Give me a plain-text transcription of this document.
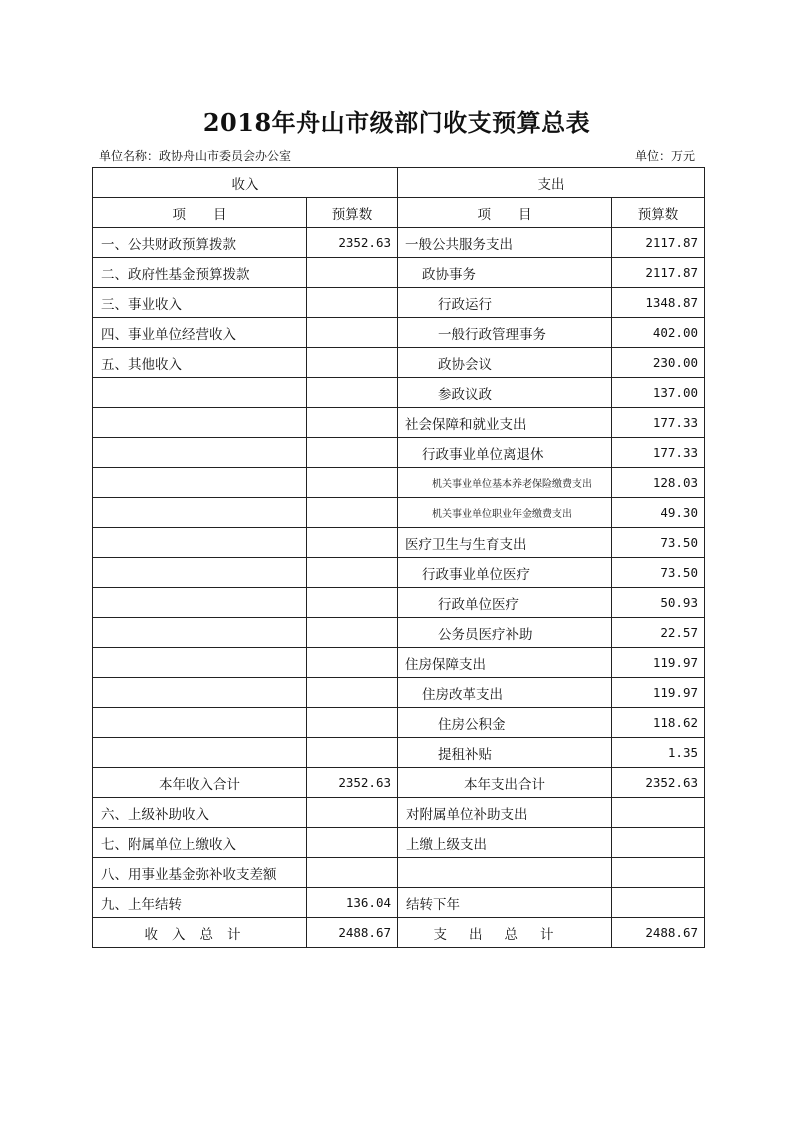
2018年舟山市级部门收支预算总表
单位名称：政协舟山市委员会办公室	单位：万元
收入		支出	
项　　目	预算数	项　　目	预算数
一、公共财政预算拨款	2352.63	一般公共服务支出	2117.87
二、政府性基金预算拨款		政协事务	2117.87
三、事业收入		行政运行	1348.87
四、事业单位经营收入		一般行政管理事务	402.00
五、其他收入		政协会议	230.00
		参政议政	137.00
		社会保障和就业支出	177.33
		行政事业单位离退休	177.33
		机关事业单位基本养老保险缴费支出	128.03
		机关事业单位职业年金缴费支出	49.30
		医疗卫生与生育支出	73.50
		行政事业单位医疗	73.50
		行政单位医疗	50.93
		公务员医疗补助	22.57
		住房保障支出	119.97
		住房改革支出	119.97
		住房公积金	118.62
		提租补贴	1.35
本年收入合计	2352.63	本年支出合计	2352.63
六、上级补助收入		对附属单位补助支出	
七、附属单位上缴收入		上缴上级支出	
八、用事业基金弥补收支差额			
九、上年结转	136.04	结转下年	
收入总计	2488.67	支出总计	2488.67
